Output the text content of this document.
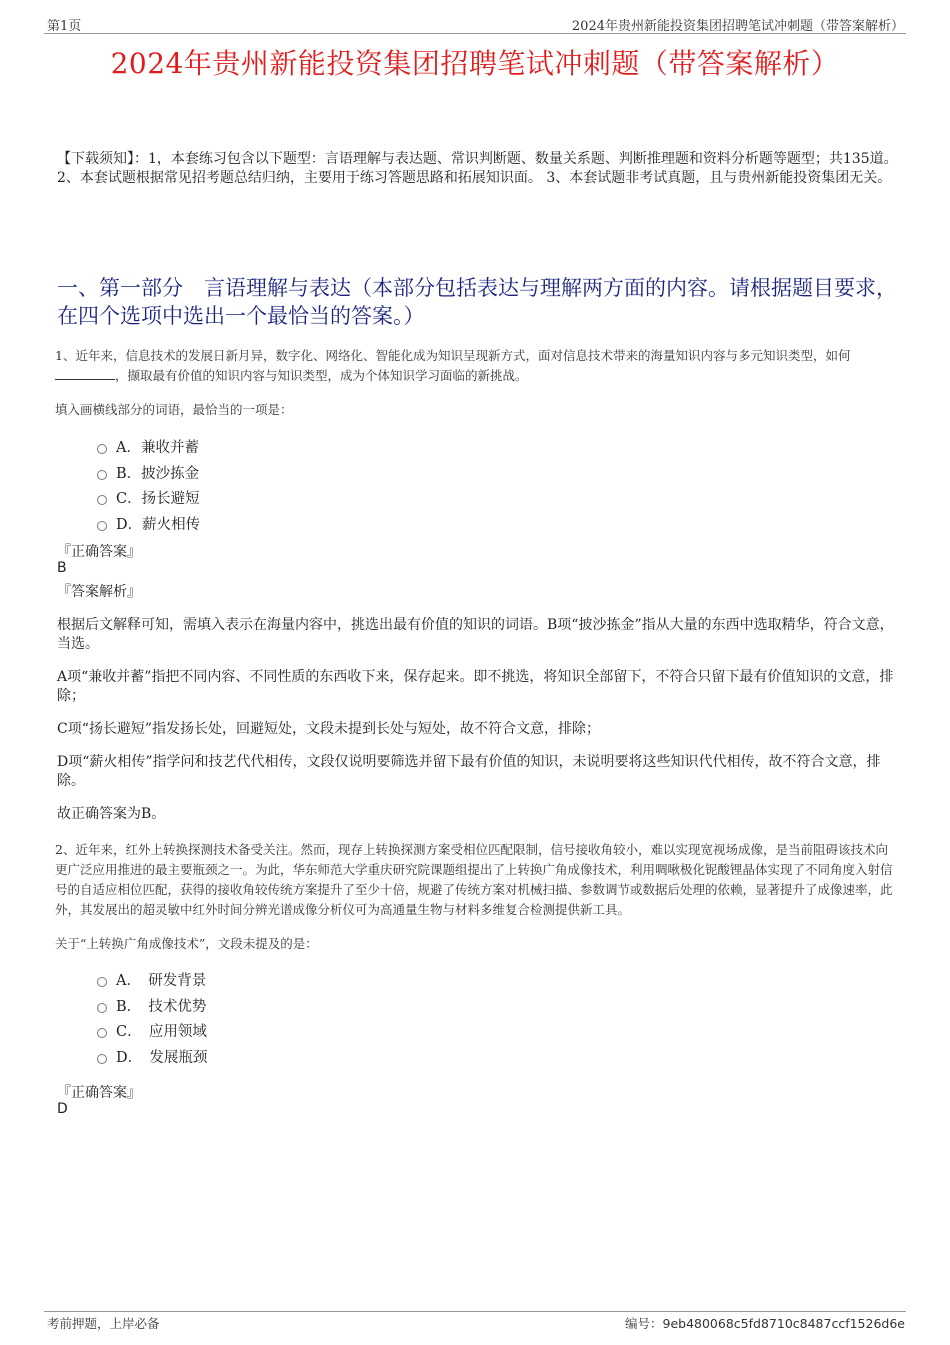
第1页	2024年贵州新能投资集团招聘笔试冲刺题（带答案解析）
2024年贵州新能投资集团招聘笔试冲刺题（带答案解析）
【下载须知】：1，本套练习包含以下题型：言语理解与表达题、常识判断题、数量关系题、判断推理题和资料分析题等题型；共135道。 2、本套试题根据常见招考题总结归纳，主要用于练习答题思路和拓展知识面。 3、本套试题非考试真题，且与贵州新能投资集团无关。
一、第一部分　言语理解与表达（本部分包括表达与理解两方面的内容。请根据题目要求，在四个选项中选出一个最恰当的答案。）
1、近年来，信息技术的发展日新月异，数字化、网络化、智能化成为知识呈现新方式，面对信息技术带来的海量知识内容与多元知识类型，如何，撷取最有价值的知识内容与知识类型，成为个体知识学习面临的新挑战。
填入画横线部分的词语，最恰当的一项是：
A．兼收并蓄
B．披沙拣金
C．扬长避短
D．薪火相传
『正确答案』
B
『答案解析』
根据后文解释可知，需填入表示在海量内容中，挑选出最有价值的知识的词语。B项“披沙拣金”指从大量的东西中选取精华，符合文意，当选。
A项“兼收并蓄”指把不同内容、不同性质的东西收下来，保存起来。即不挑选，将知识全部留下，不符合只留下最有价值知识的文意，排除；
C项“扬长避短”指发扬长处，回避短处，文段未提到长处与短处，故不符合文意，排除；
D项“薪火相传”指学问和技艺代代相传，文段仅说明要筛选并留下最有价值的知识，未说明要将这些知识代代相传，故不符合文意，排除。
故正确答案为B。
2、近年来，红外上转换探测技术备受关注。然而，现存上转换探测方案受相位匹配限制，信号接收角较小，难以实现宽视场成像，是当前阻碍该技术向更广泛应用推进的最主要瓶颈之一。为此，华东师范大学重庆研究院课题组提出了上转换广角成像技术，利用啁啾极化铌酸锂晶体实现了不同角度入射信号的自适应相位匹配，获得的接收角较传统方案提升了至少十倍，规避了传统方案对机械扫描、参数调节或数据后处理的依赖，显著提升了成像速率，此外，其发展出的超灵敏中红外时间分辨光谱成像分析仪可为高通量生物与材料多维复合检测提供新工具。
关于“上转换广角成像技术”，文段未提及的是：
A．　研发背景
B．　技术优势
C．　应用领域
D．　发展瓶颈
『正确答案』
D
考前押题，上岸必备	编号：9eb480068c5fd8710c8487ccf1526d6e
